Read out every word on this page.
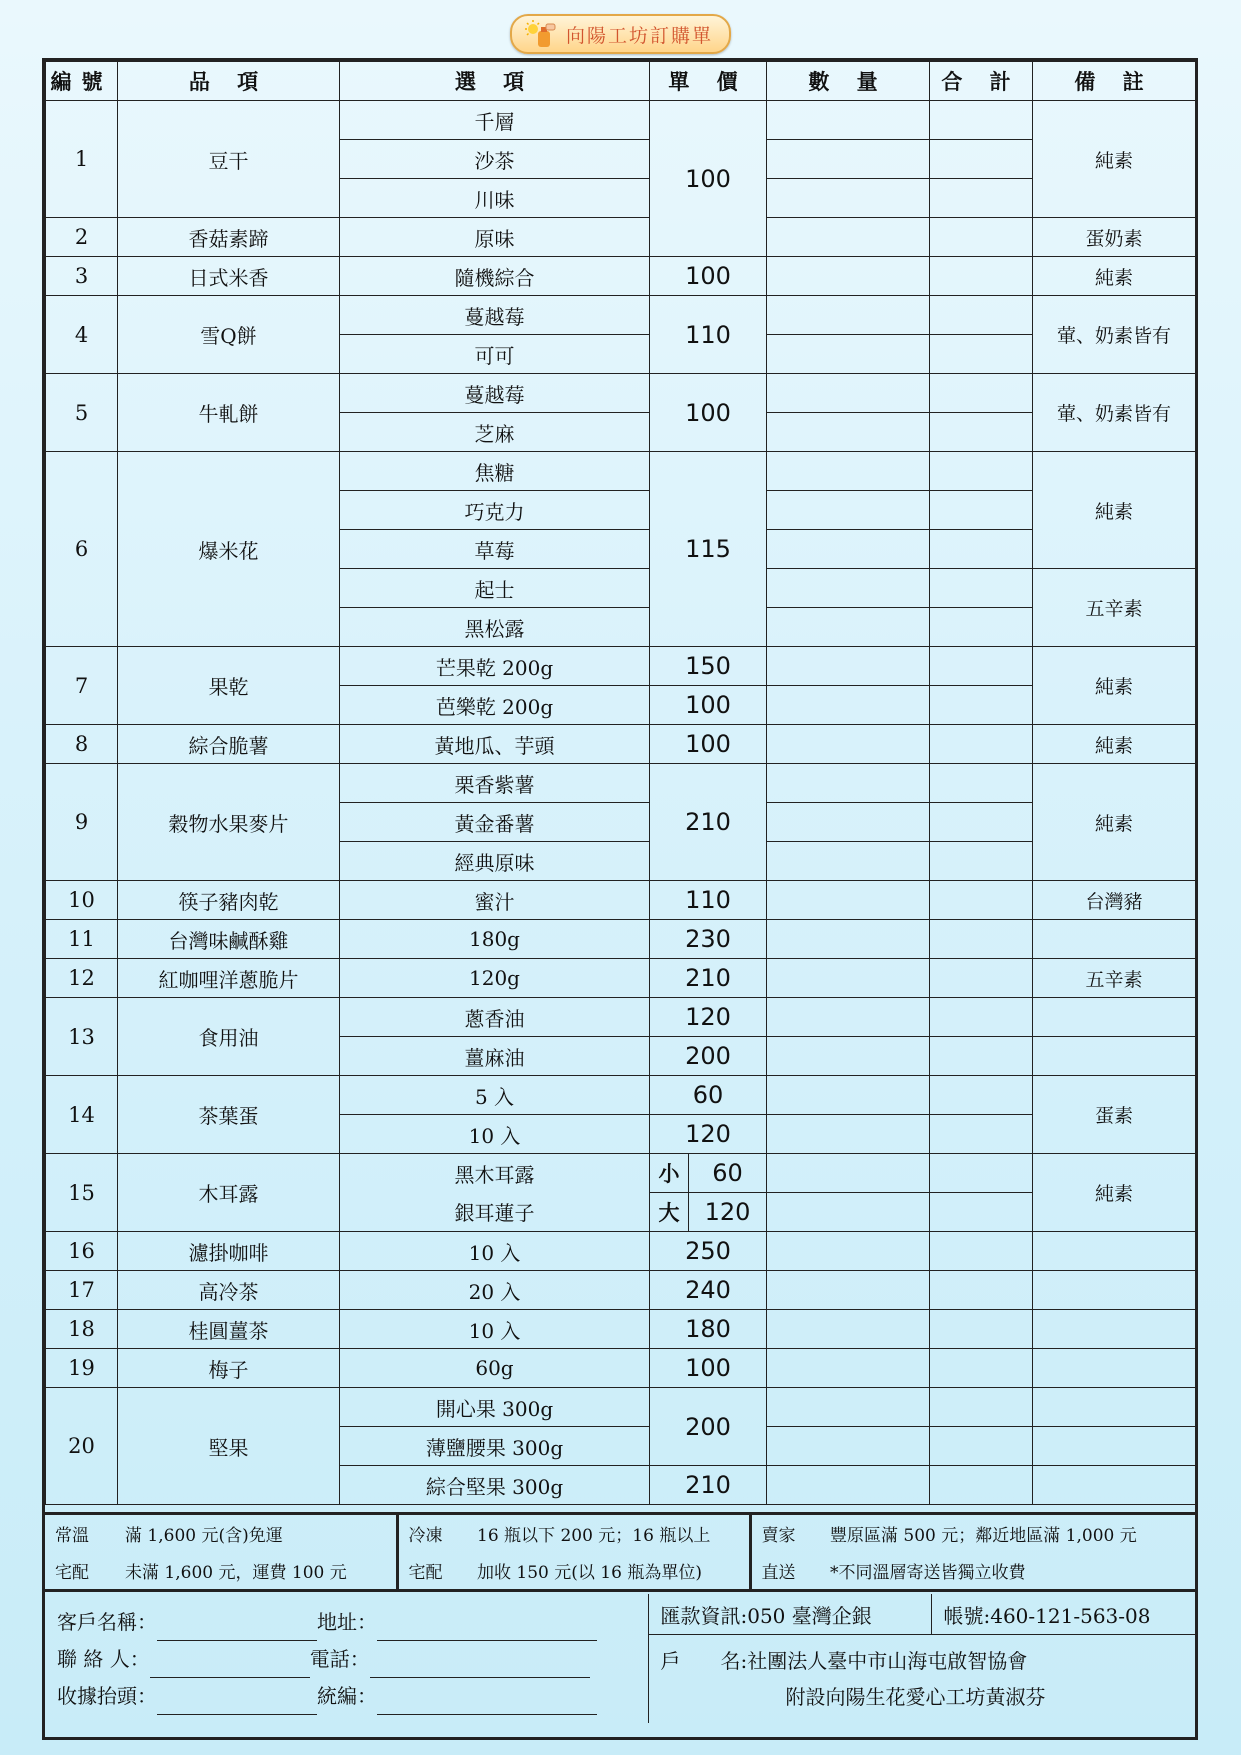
向陽工坊訂購單
編號	品 項	選 項	單 價	數 量	合 計	備 註
1	豆干	千層	100			純素
		沙茶				
		川味				
2	香菇素蹄	原味				蛋奶素
3	日式米香	隨機綜合	100			純素
4	雪Q餅	蔓越莓	110			葷、奶素皆有
		可可				
5	牛軋餅	蔓越莓	100			葷、奶素皆有
		芝麻				
6	爆米花	焦糖	115			純素
		巧克力				
		草莓				
		起士				五辛素
		黑松露				
7	果乾	芒果乾 200g	150			純素
		芭樂乾 200g	100			
8	綜合脆薯	黃地瓜、芋頭	100			純素
9	穀物水果麥片	栗香紫薯	210			純素
		黃金番薯				
		經典原味				
10	筷子豬肉乾	蜜汁	110			台灣豬
11	台灣味鹹酥雞	180g	230			
12	紅咖哩洋蔥脆片	120g	210			五辛素
13	食用油	蔥香油	120			
		薑麻油	200			
14	茶葉蛋	5 入	60			蛋素
		10 入	120			
15	木耳露	黑木耳露	小 60			純素
		銀耳蓮子	大 120			

16	濾掛咖啡	10 入	250			
17	高冷茶	20 入	240			
18	桂圓薑茶	10 入	180			
19	梅子	60g	100			
20	堅果	開心果 300g	200			
		薄鹽腰果 300g				
		綜合堅果 300g	210			
常溫	滿 1,600 元(含)免運	冷凍	16 瓶以下 200 元；16 瓶以上	賣家	豐原區滿 500 元；鄰近地區滿 1,000 元
宅配	未滿 1,600 元，運費 100 元	宅配	加收 150 元(以 16 瓶為單位)	直送	*不同溫層寄送皆獨立收費
客戶名稱：	地址：
聯 絡 人：	電話：
收據抬頭：	統編：

匯款資訊:050 臺灣企銀	帳號:460-121-563-08
戶　　名:社團法人臺中市山海屯啟智協會
附設向陽生花愛心工坊黃淑芬
